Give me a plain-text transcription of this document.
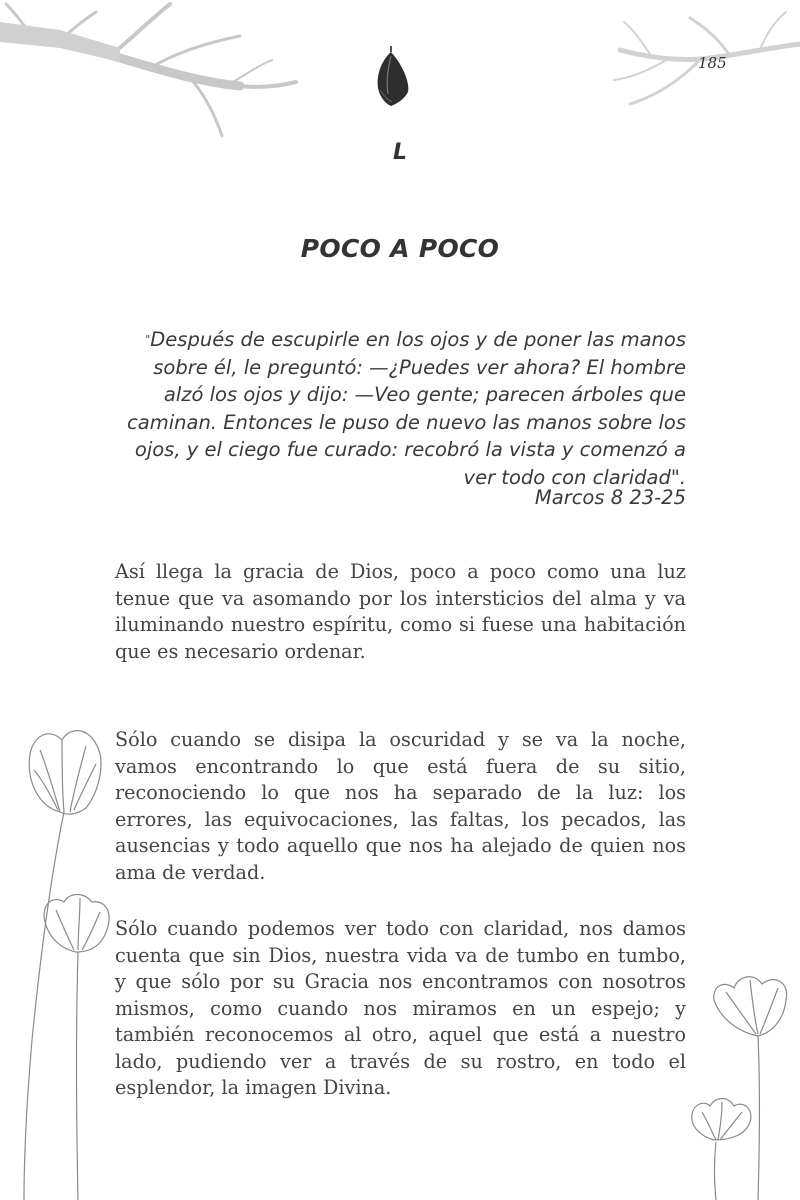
185
L
POCO A POCO

"Después de escupirle en los ojos y de poner las manos sobre él, le preguntó: —¿Puedes ver ahora? El hombre alzó los ojos y dijo: —Veo gente; parecen árboles que caminan. Entonces le puso de nuevo las manos sobre los ojos, y el ciego fue curado: recobró la vista y comenzó a ver todo con claridad".

Marcos 8 23-25

Así llega la gracia de Dios, poco a poco como una luz tenue que va asomando por los intersticios del alma y va iluminando nuestro espíritu, como si fuese una habitación que es necesario ordenar.

Sólo cuando se disipa la oscuridad y se va la noche, vamos encontrando lo que está fuera de su sitio, reconociendo lo que nos ha separado de la luz: los errores, las equivocaciones, las faltas, los pecados, las ausencias y todo aquello que nos ha alejado de quien nos ama de verdad.

Sólo cuando podemos ver todo con claridad, nos damos cuenta que sin Dios, nuestra vida va de tumbo en tumbo, y que sólo por su Gracia nos encontramos con nosotros mismos, como cuando nos miramos en un espejo; y también reconocemos al otro, aquel que está a nuestro lado, pudiendo ver a través de su rostro, en todo el esplendor, la imagen Divina.
